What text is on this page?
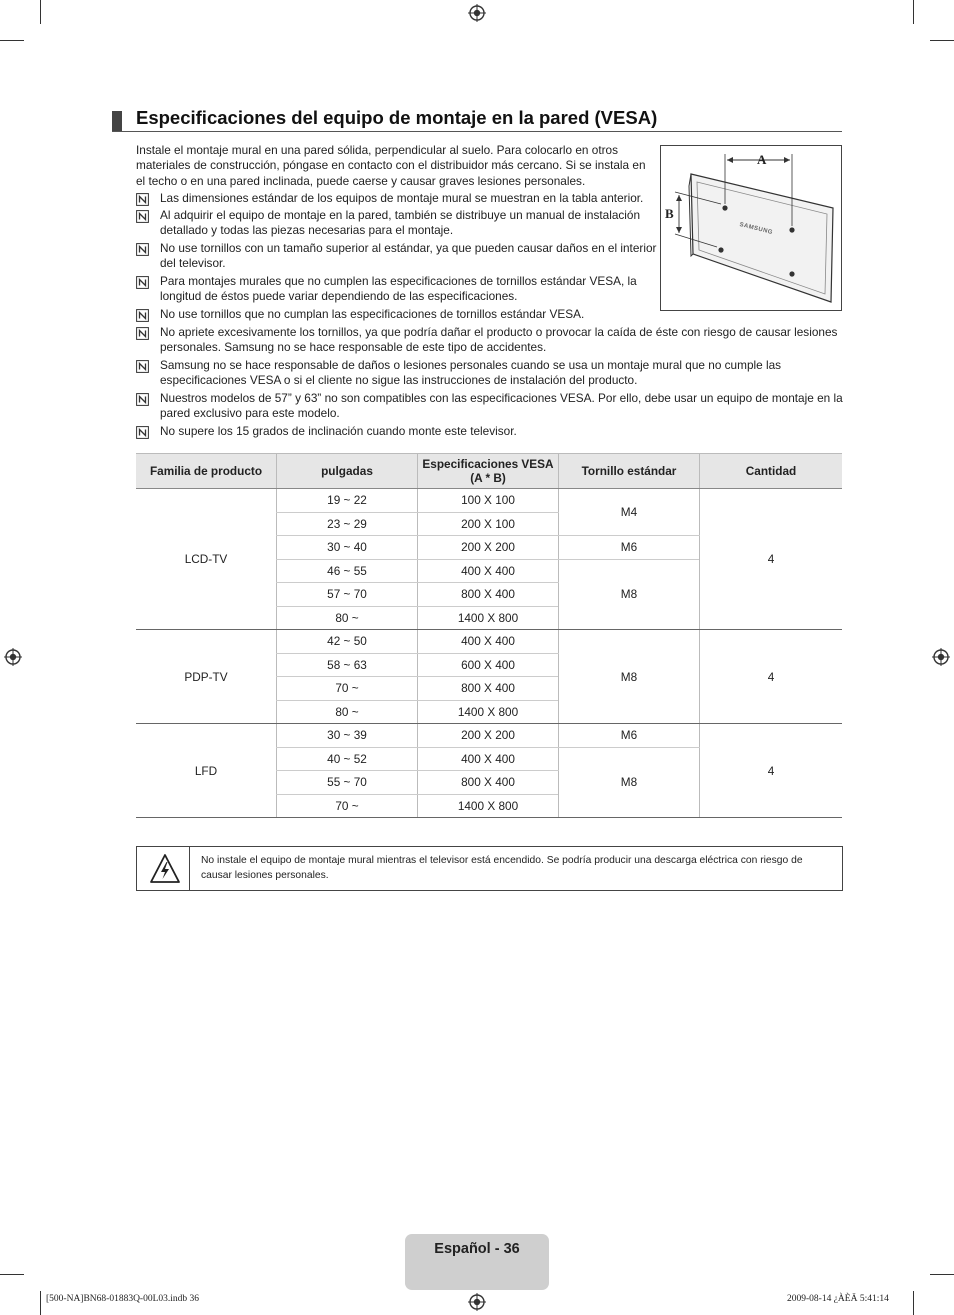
Especificaciones del equipo de montaje en la pared (VESA)
Instale el montaje mural en una pared sólida, perpendicular al suelo. Para colocarlo en otros materiales de construcción, póngase en contacto con el distribuidor más cercano. Si se instala en el techo o en una pared inclinada, puede caerse y causar graves lesiones personales.
Las dimensiones estándar de los equipos de montaje mural se muestran en la tabla anterior.
Al adquirir el equipo de montaje en la pared, también se distribuye un manual de instalación
detallado y todas las piezas necesarias para el montaje.
No use tornillos con un tamaño superior al estándar, ya que pueden causar daños en el interior
del televisor.
Para montajes murales que no cumplen las especificaciones de tornillos estándar VESA, la
longitud de éstos puede variar dependiendo de las especificaciones.
No use tornillos que no cumplan las especificaciones de tornillos estándar VESA.
No apriete excesivamente los tornillos, ya que podría dañar el producto o provocar la caída de éste con riesgo de causar lesiones
personales. Samsung no se hace responsable de este tipo de accidentes.
Samsung no se hace responsable de daños o lesiones personales cuando se usa un montaje mural que no cumple las
especificaciones VESA o si el cliente no sigue las instrucciones de instalación del producto.
Nuestros modelos de 57” y 63” no son compatibles con las especificaciones VESA. Por ello, debe usar un equipo de montaje en la
pared exclusivo para este modelo.
No supere los 15 grados de inclinación cuando monte este televisor.
A
B
SAMSUNG
Familia de producto	pulgadas	Especificaciones VESA
(A * B)	Tornillo estándar	Cantidad
LCD-TV	19 ~ 22	100 X 100	M4	4
	23 ~ 29	200 X 100		
	30 ~ 40	200 X 200	M6	
	46 ~ 55	400 X 400	M8	
	57 ~ 70	800 X 400		
	80 ~	1400 X 800		
PDP-TV	42 ~ 50	400 X 400	M8	4
	58 ~ 63	600 X 400		
	70 ~	800 X 400		
	80 ~	1400 X 800		
LFD	30 ~ 39	200 X 200	M6	4
	40 ~ 52	400 X 400	M8	
	55 ~ 70	800 X 400		
	70 ~	1400 X 800		
No instale el equipo de montaje mural mientras el televisor está encendido. Se podría producir una descarga eléctrica con riesgo de causar lesiones personales.
Español - 36
[500-NA]BN68-01883Q-00L03.indb 36	2009-08-14 ¿ÀÈÄ 5:41:14
